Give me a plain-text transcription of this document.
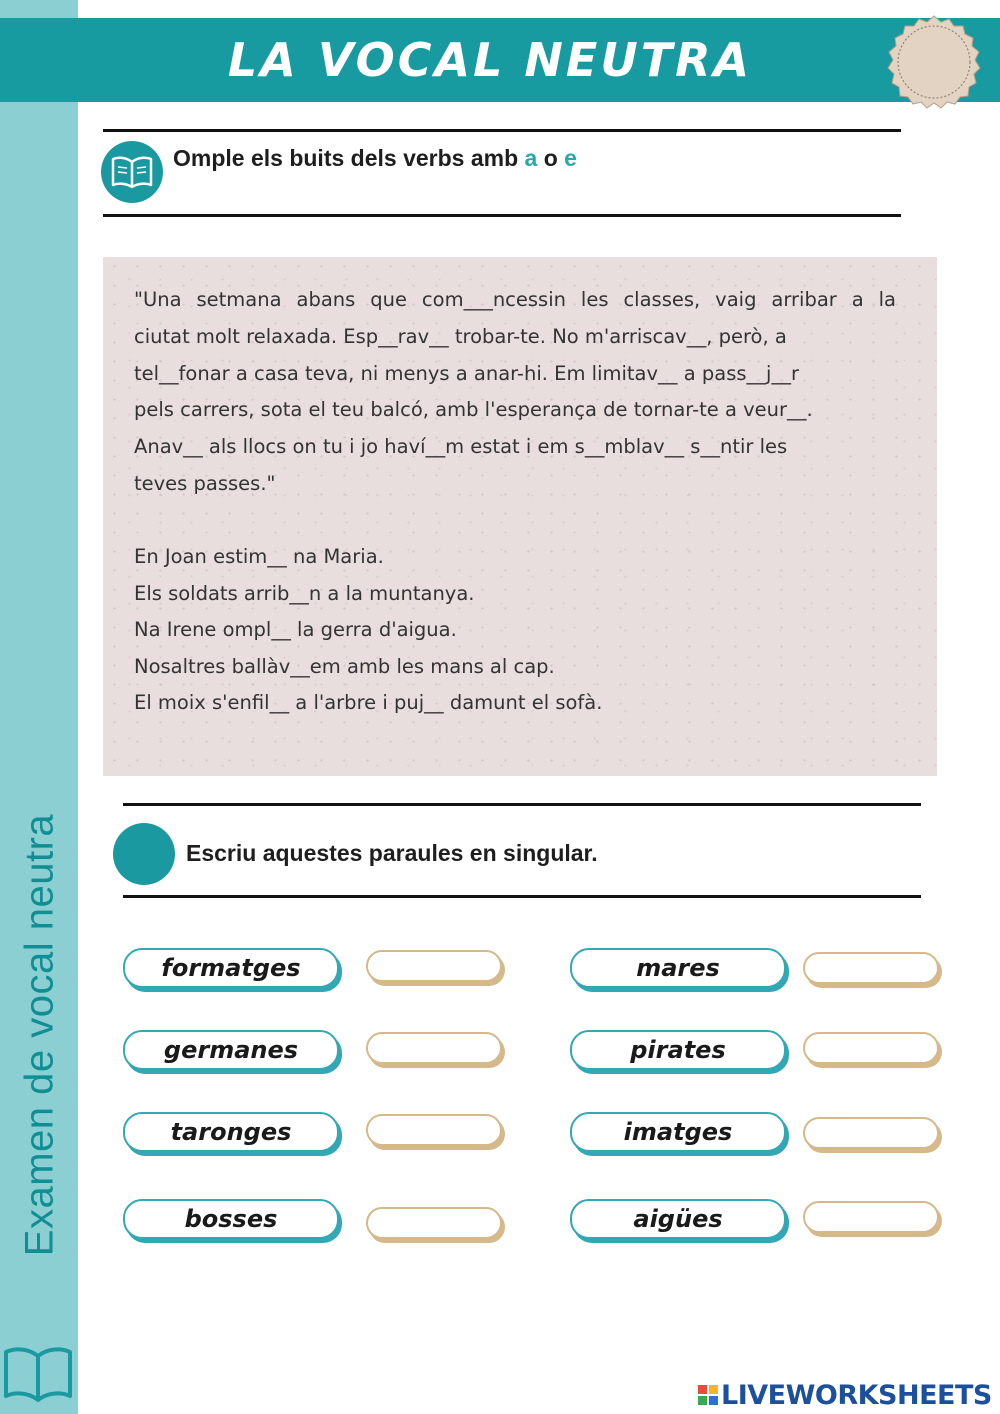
Examen de vocal neutra
LA VOCAL NEUTRA
Omple els buits dels verbs amb a o e
"Una setmana abans que com___ncessin les classes, vaig arribar a la
ciutat molt relaxada. Esp__rav__ trobar-te. No m'arriscav__, però, a
tel__fonar a casa teva, ni menys a anar-hi. Em limitav__ a pass__j__r
pels carrers, sota el teu balcó, amb l'esperança de tornar-te a veur__.
Anav__ als llocs on tu i jo haví__m estat i em s__mblav__ s__ntir les
teves passes."
En Joan estim__ na Maria.
Els soldats arrib__n a la muntanya.
Na Irene ompl__ la gerra d'aigua.
Nosaltres ballàv__em amb les mans al cap.
El moix s'enfil__ a l'arbre i puj__ damunt el sofà.
Escriu aquestes paraules en singular.
formatges
germanes
taronges
bosses
mares
pirates
imatges
aigües
LIVEWORKSHEETS
